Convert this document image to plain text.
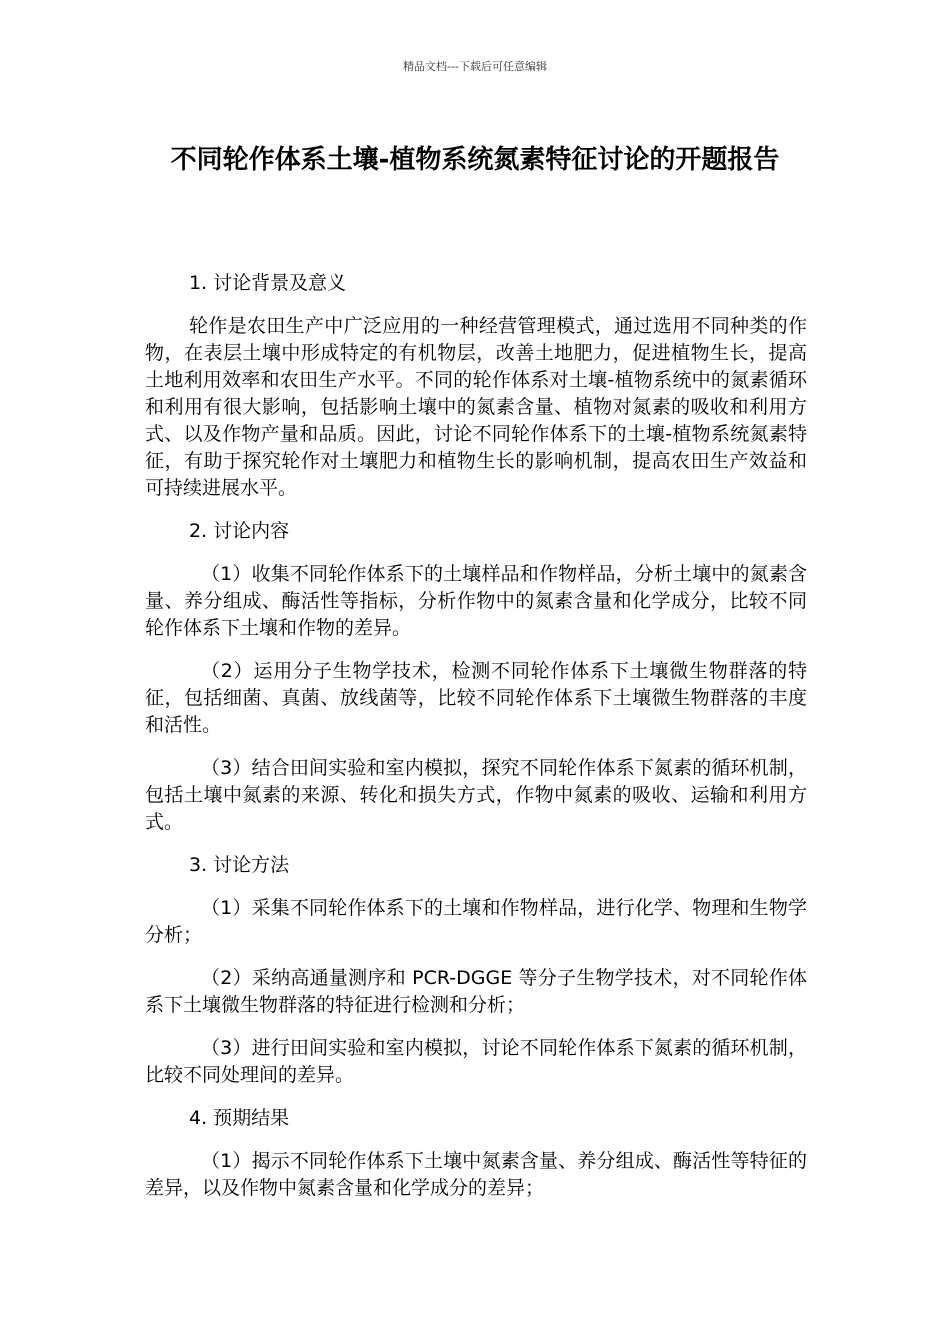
精品文档---下载后可任意编辑
不同轮作体系土壤-植物系统氮素特征讨论的开题报告
1. 讨论背景及意义

轮作是农田生产中广泛应用的一种经营管理模式，通过选用不同种类的作物，在表层土壤中形成特定的有机物层，改善土地肥力，促进植物生长，提高土地利用效率和农田生产水平。不同的轮作体系对土壤-植物系统中的氮素循环和利用有很大影响，包括影响土壤中的氮素含量、植物对氮素的吸收和利用方式、以及作物产量和品质。因此，讨论不同轮作体系下的土壤-植物系统氮素特征，有助于探究轮作对土壤肥力和植物生长的影响机制，提高农田生产效益和可持续进展水平。

2. 讨论内容

（1）收集不同轮作体系下的土壤样品和作物样品，分析土壤中的氮素含量、养分组成、酶活性等指标，分析作物中的氮素含量和化学成分，比较不同轮作体系下土壤和作物的差异。

（2）运用分子生物学技术，检测不同轮作体系下土壤微生物群落的特征，包括细菌、真菌、放线菌等，比较不同轮作体系下土壤微生物群落的丰度和活性。

（3）结合田间实验和室内模拟，探究不同轮作体系下氮素的循环机制，包括土壤中氮素的来源、转化和损失方式，作物中氮素的吸收、运输和利用方式。

3. 讨论方法

（1）采集不同轮作体系下的土壤和作物样品，进行化学、物理和生物学分析；

（2）采纳高通量测序和 PCR-DGGE 等分子生物学技术，对不同轮作体系下土壤微生物群落的特征进行检测和分析；

（3）进行田间实验和室内模拟，讨论不同轮作体系下氮素的循环机制，比较不同处理间的差异。

4. 预期结果

（1）揭示不同轮作体系下土壤中氮素含量、养分组成、酶活性等特征的差异，以及作物中氮素含量和化学成分的差异；
